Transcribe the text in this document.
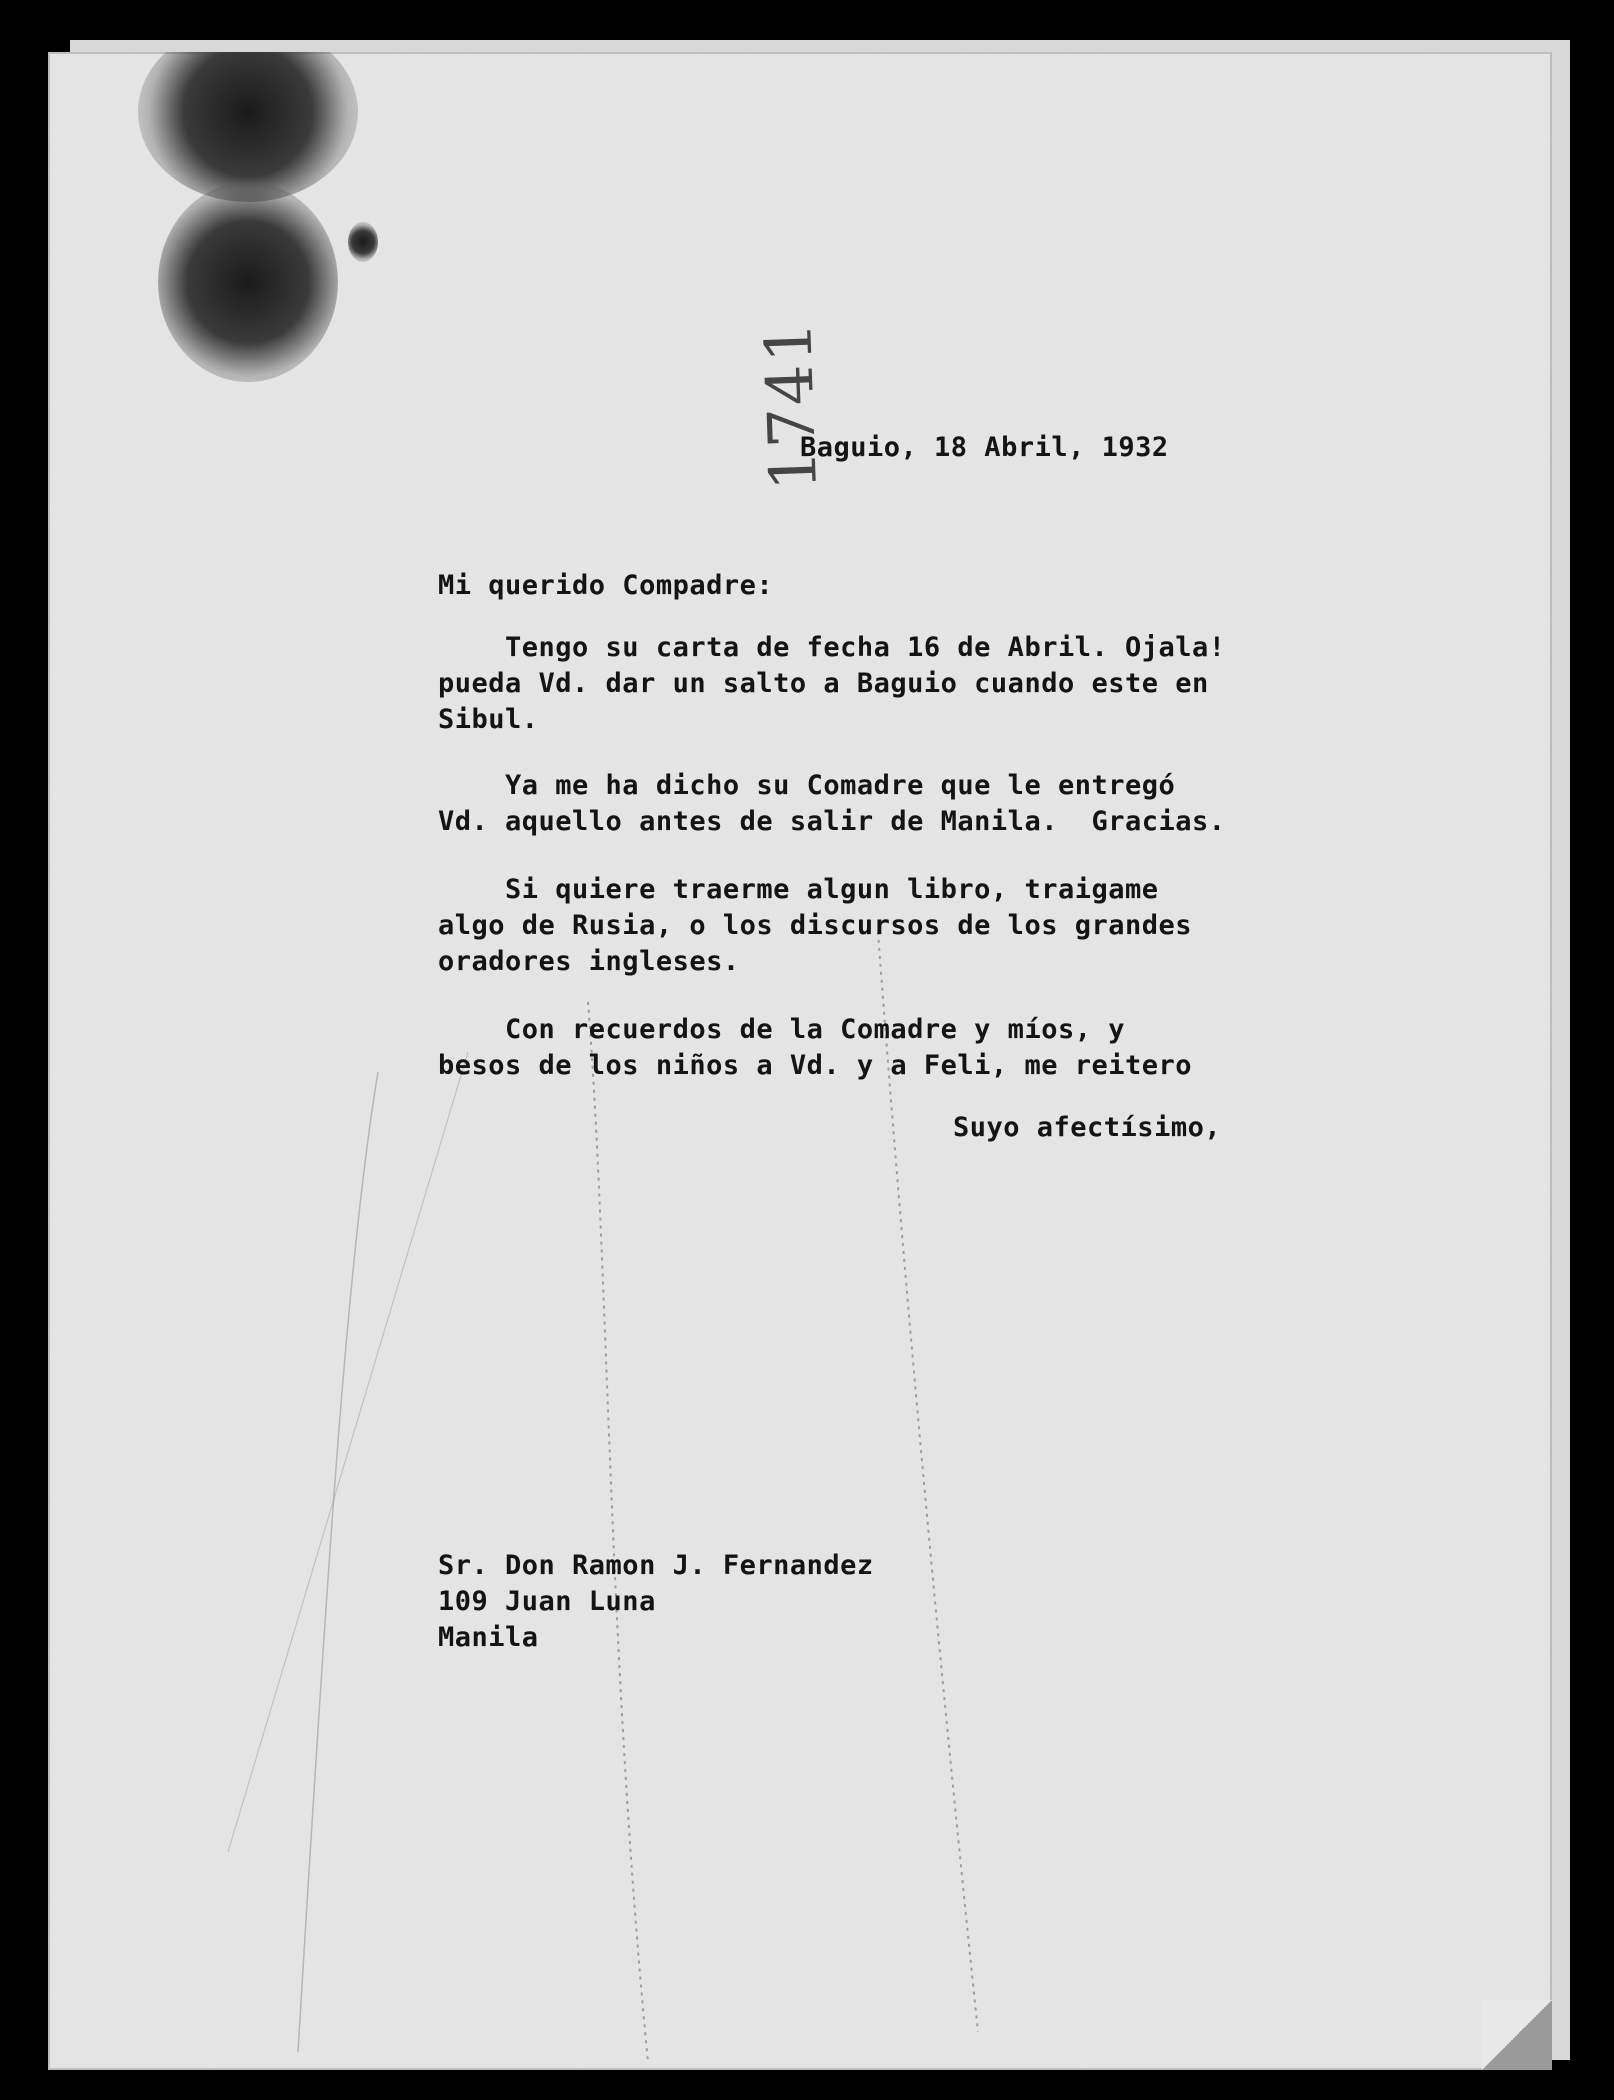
1741
Baguio, 18 Abril, 1932
Mi querido Compadre:
Tengo su carta de fecha 16 de Abril. Ojala!
pueda Vd. dar un salto a Baguio cuando este en
Sibul.
Ya me ha dicho su Comadre que le entregó
Vd. aquello antes de salir de Manila.  Gracias.
Si quiere traerme algun libro, traigame
algo de Rusia, o los discursos de los grandes
oradores ingleses.
Con recuerdos de la Comadre y míos, y
besos de los niños a Vd. y a Feli, me reitero
Suyo afectísimo,
Sr. Don Ramon J. Fernandez
109 Juan Luna
Manila
